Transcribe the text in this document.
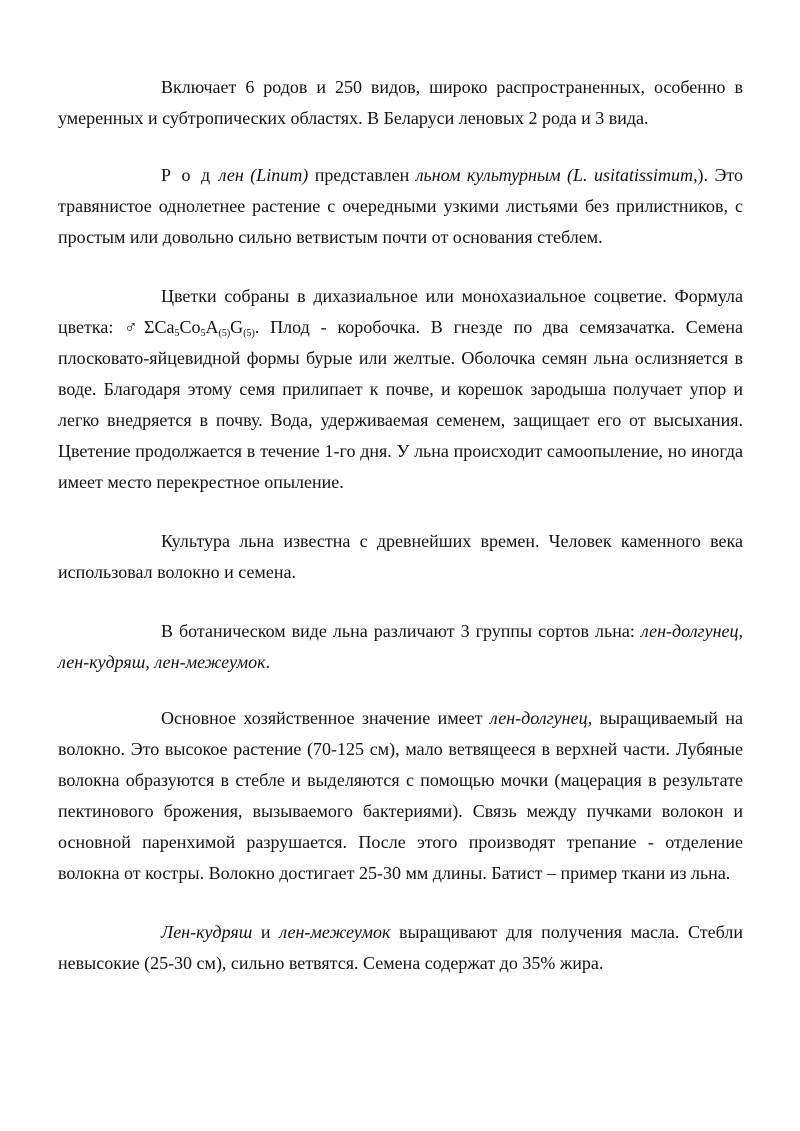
Включает 6 родов и 250 видов, широко распространенных, особенно в умеренных и субтропических областях. В Беларуси леновых 2 рода и 3 вида.

Р о д лен (Linum) представлен льном культурным (L. usitatissimum,). Это травянистое однолетнее растение с очередными узкими листьями без прилистников, с простым или довольно сильно ветвистым почти от основания стеблем.

Цветки собраны в дихазиальное или монохазиальное соцветие. Формула цветка: $♂\Sigma Ca_5Co_5A_{(5)}G_{(5)}$. Плод - коробочка. В гнезде по два семязачатка. Семена плосковато-яйцевидной формы бурые или желтые. Оболочка семян льна ослизняется в воде. Благодаря этому семя прилипает к почве, и корешок зародыша получает упор и легко внедряется в почву. Вода, удерживаемая семенем, защищает его от высыхания. Цветение продолжается в течение 1-го дня. У льна происходит самоопыление, но иногда имеет место перекрестное опыление.

Культура льна известна с древнейших времен. Человек каменного века использовал волокно и семена.

В ботаническом виде льна различают 3 группы сортов льна: лен-долгунец, лен-кудряш, лен-межеумок.

Основное хозяйственное значение имеет лен-долгунец, выращиваемый на волокно. Это высокое растение (70-125 см), мало ветвящееся в верхней части. Лубяные волокна образуются в стебле и выделяются с помощью мочки (мацерация в результате пектинового брожения, вызываемого бактериями). Связь между пучками волокон и основной паренхимой разрушается. После этого производят трепание - отделение волокна от костры. Волокно достигает 25-30 мм длины. Батист – пример ткани из льна.

Лен-кудряш и лен-межеумок выращивают для получения масла. Стебли невысокие (25-30 см), сильно ветвятся. Семена содержат до 35% жира.
